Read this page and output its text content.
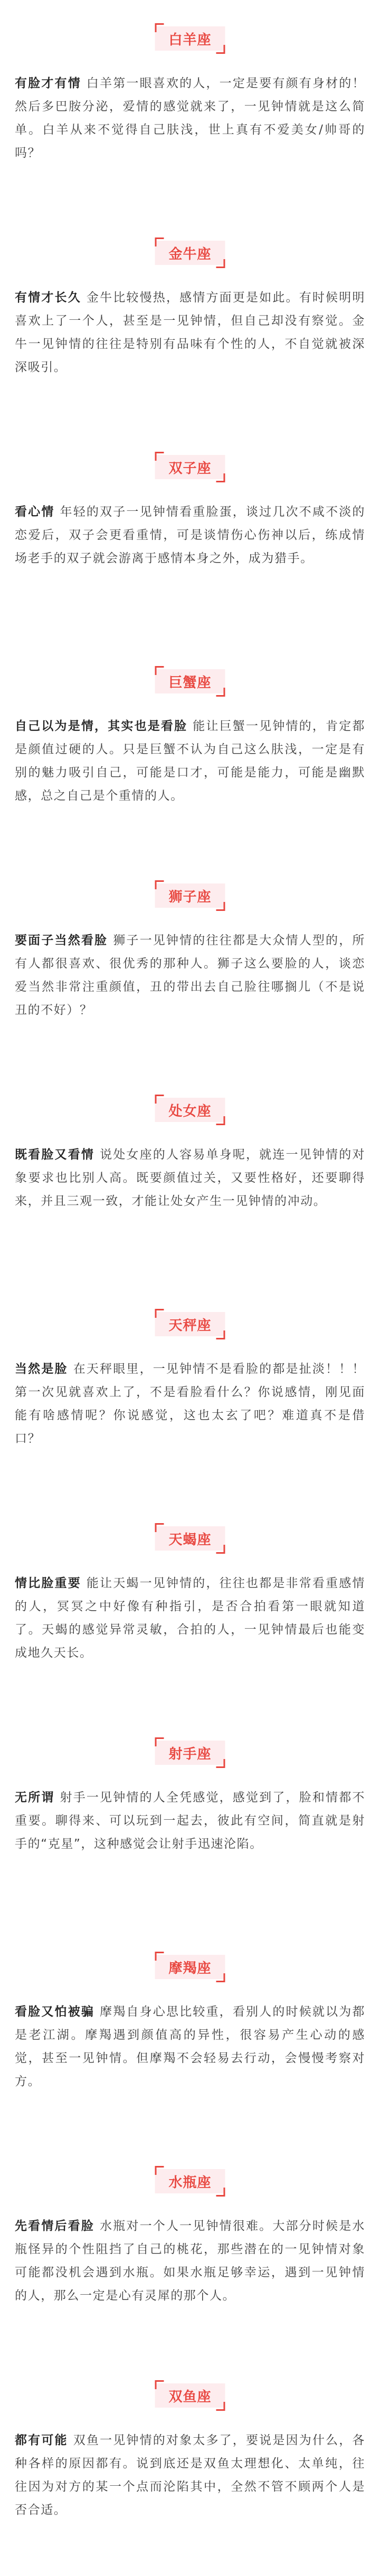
白羊座
有脸才有情 白羊第一眼喜欢的人，一定是要有颜有身材的！然后多巴胺分泌，爱情的感觉就来了，一见钟情就是这么简单。白羊从来不觉得自己肤浅，世上真有不爱美女/帅哥的吗？
金牛座
有情才长久 金牛比较慢热，感情方面更是如此。有时候明明喜欢上了一个人，甚至是一见钟情，但自己却没有察觉。金牛一见钟情的往往是特别有品味有个性的人，不自觉就被深深吸引。
双子座
看心情 年轻的双子一见钟情看重脸蛋，谈过几次不咸不淡的恋爱后，双子会更看重情，可是谈情伤心伤神以后，练成情场老手的双子就会游离于感情本身之外，成为猎手。
巨蟹座
自己以为是情，其实也是看脸 能让巨蟹一见钟情的，肯定都是颜值过硬的人。只是巨蟹不认为自己这么肤浅，一定是有别的魅力吸引自己，可能是口才，可能是能力，可能是幽默感，总之自己是个重情的人。
狮子座
要面子当然看脸 狮子一见钟情的往往都是大众情人型的，所有人都很喜欢、很优秀的那种人。狮子这么要脸的人，谈恋爱当然非常注重颜值，丑的带出去自己脸往哪搁儿（不是说丑的不好）？
处女座
既看脸又看情 说处女座的人容易单身呢，就连一见钟情的对象要求也比别人高。既要颜值过关，又要性格好，还要聊得来，并且三观一致，才能让处女产生一见钟情的冲动。
天秤座
当然是脸 在天秤眼里，一见钟情不是看脸的都是扯淡！！！第一次见就喜欢上了，不是看脸看什么？你说感情，刚见面能有啥感情呢？你说感觉，这也太玄了吧？难道真不是借口？
天蝎座
情比脸重要 能让天蝎一见钟情的，往往也都是非常看重感情的人，冥冥之中好像有种指引，是否合拍看第一眼就知道了。天蝎的感觉异常灵敏，合拍的人，一见钟情最后也能变成地久天长。
射手座
无所谓 射手一见钟情的人全凭感觉，感觉到了，脸和情都不重要。聊得来、可以玩到一起去，彼此有空间，简直就是射手的“克星”，这种感觉会让射手迅速沦陷。
摩羯座
看脸又怕被骗 摩羯自身心思比较重，看别人的时候就以为都是老江湖。摩羯遇到颜值高的异性，很容易产生心动的感觉，甚至一见钟情。但摩羯不会轻易去行动，会慢慢考察对方。
水瓶座
先看情后看脸 水瓶对一个人一见钟情很难。大部分时候是水瓶怪异的个性阻挡了自己的桃花，那些潜在的一见钟情对象可能都没机会遇到水瓶。如果水瓶足够幸运，遇到一见钟情的人，那么一定是心有灵犀的那个人。
双鱼座
都有可能 双鱼一见钟情的对象太多了，要说是因为什么，各种各样的原因都有。说到底还是双鱼太理想化、太单纯，往往因为对方的某一个点而沦陷其中，全然不管不顾两个人是否合适。
